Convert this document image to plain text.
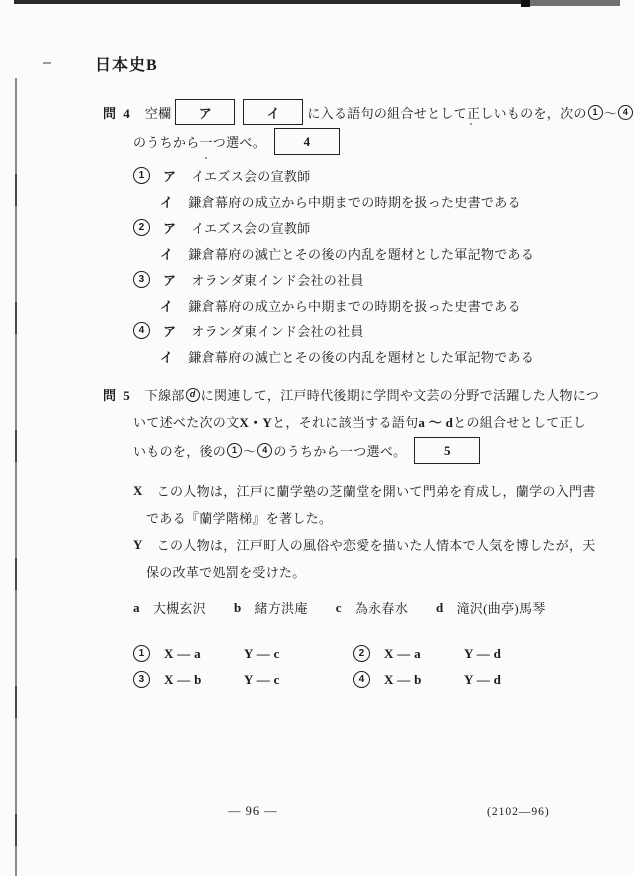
日本史B
問 4 空欄	ア	イ	に入る語句の組合せとして正しいものを，次の 1 ～ 4
のうちから一つ選べ。	4
1	ア イエズス会の宣教師
イ 鎌倉幕府の成立から中期までの時期を扱った史書である
2	ア イエズス会の宣教師
イ 鎌倉幕府の滅亡とその後の内乱を題材とした軍記物である
3	ア オランダ東インド会社の社員
イ 鎌倉幕府の成立から中期までの時期を扱った史書である
4	ア オランダ東インド会社の社員
イ 鎌倉幕府の滅亡とその後の内乱を題材とした軍記物である
問 5 下線部 d に関連して，江戸時代後期に学問や文芸の分野で活躍した人物につ
いて述べた次の文 X・Y と，それに該当する語句 a ～ d との組合せとして正し
いものを，後の 1 ～ 4 のうちから一つ選べ。	5
X この人物は，江戸に蘭学塾の芝蘭堂を開いて門弟を育成し，蘭学の入門書
である『蘭学階梯』を著した。
Y この人物は，江戸町人の風俗や恋愛を描いた人情本で人気を博したが，天
保の改革で処罰を受けた。
a 大槻玄沢 b 緒方洪庵 c 為永春水 d 滝沢(曲亭)馬琴
1	X — a	Y — c	2	X — a	Y — d
3	X — b	Y — c	4	X — b	Y — d
— 96 —	(2102—96)
